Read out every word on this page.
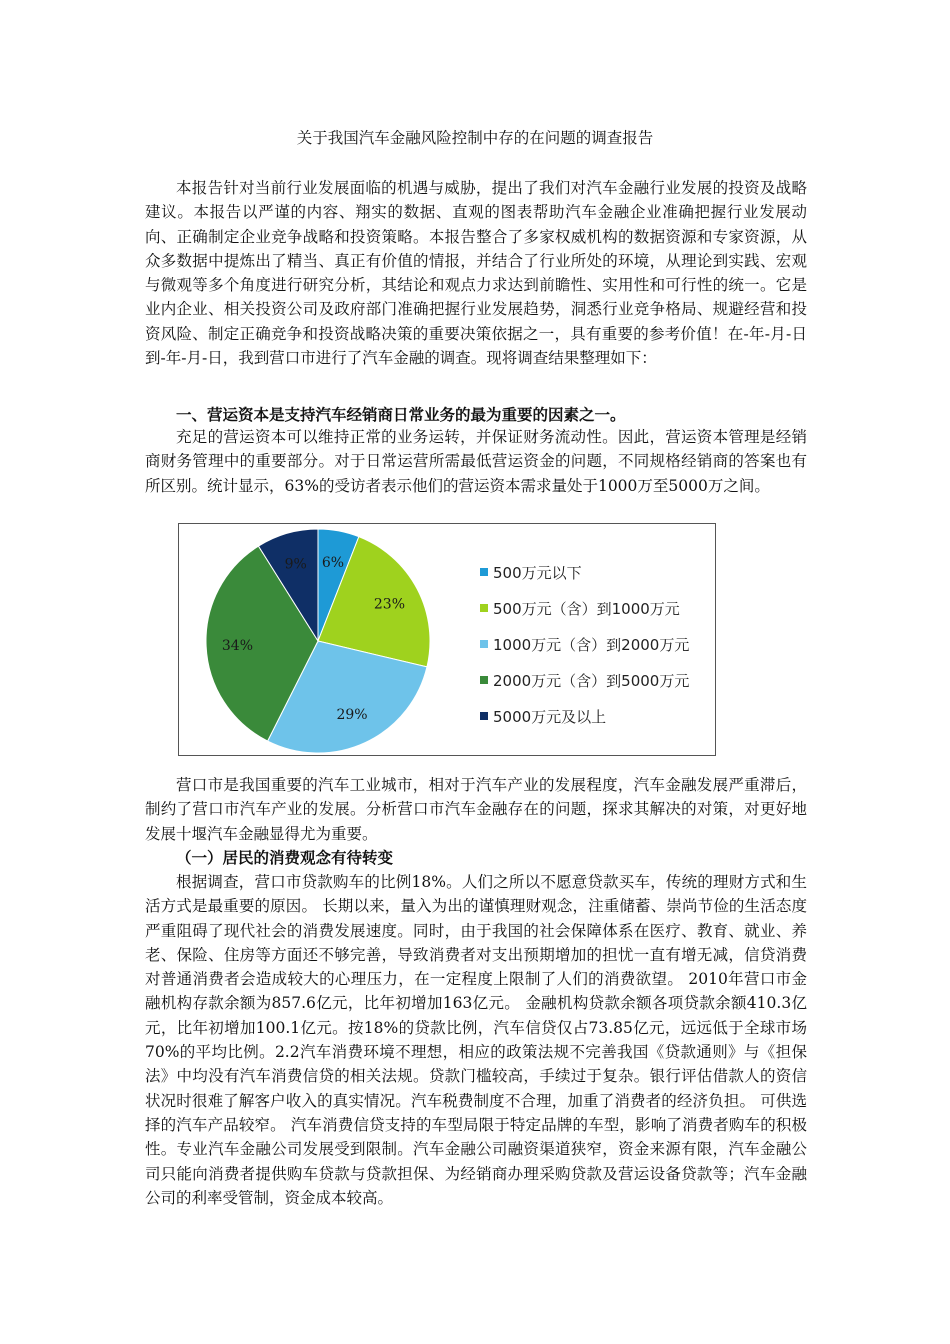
关于我国汽车金融风险控制中存的在问题的调查报告

本报告针对当前行业发展面临的机遇与威胁，提出了我们对汽车金融行业发展的投资及战略建议。本报告以严谨的内容、翔实的数据、直观的图表帮助汽车金融企业准确把握行业发展动向、正确制定企业竞争战略和投资策略。本报告整合了多家权威机构的数据资源和专家资源，从众多数据中提炼出了精当、真正有价值的情报，并结合了行业所处的环境，从理论到实践、宏观与微观等多个角度进行研究分析，其结论和观点力求达到前瞻性、实用性和可行性的统一。它是业内企业、相关投资公司及政府部门准确把握行业发展趋势，洞悉行业竞争格局、规避经营和投资风险、制定正确竞争和投资战略决策的重要决策依据之一，具有重要的参考价值！在-年-月-日到-年-月-日，我到营口市进行了汽车金融的调查。现将调查结果整理如下：

一、营运资本是支持汽车经销商日常业务的最为重要的因素之一。

充足的营运资本可以维持正常的业务运转，并保证财务流动性。因此，营运资本管理是经销商财务管理中的重要部分。对于日常运营所需最低营运资金的问题，不同规格经销商的答案也有所区别。统计显示，63%的受访者表示他们的营运资本需求量处于1000万至5000万之间。

6%
23%
29%
34%
9%	500万元以下
500万元（含）到1000万元
1000万元（含）到2000万元
2000万元（含）到5000万元
5000万元及以上

营口市是我国重要的汽车工业城市，相对于汽车产业的发展程度，汽车金融发展严重滞后，制约了营口市汽车产业的发展。分析营口市汽车金融存在的问题，探求其解决的对策，对更好地发展十堰汽车金融显得尤为重要。

（一）居民的消费观念有待转变

根据调查，营口市贷款购车的比例18%。人们之所以不愿意贷款买车，传统的理财方式和生活方式是最重要的原因。 长期以来，量入为出的谨慎理财观念，注重储蓄、崇尚节俭的生活态度严重阻碍了现代社会的消费发展速度。同时，由于我国的社会保障体系在医疗、教育、就业、养老、保险、住房等方面还不够完善，导致消费者对支出预期增加的担忧一直有增无减，信贷消费对普通消费者会造成较大的心理压力，在一定程度上限制了人们的消费欲望。 2010年营口市金融机构存款余额为857.6亿元，比年初增加163亿元。 金融机构贷款余额各项贷款余额410.3亿元，比年初增加100.1亿元。按18%的贷款比例，汽车信贷仅占73.85亿元，远远低于全球市场70%的平均比例。2.2汽车消费环境不理想，相应的政策法规不完善我国《贷款通则》与《担保法》中均没有汽车消费信贷的相关法规。贷款门槛较高，手续过于复杂。银行评估借款人的资信状况时很难了解客户收入的真实情况。汽车税费制度不合理，加重了消费者的经济负担。 可供选择的汽车产品较窄。 汽车消费信贷支持的车型局限于特定品牌的车型，影响了消费者购车的积极性。专业汽车金融公司发展受到限制。汽车金融公司融资渠道狭窄，资金来源有限，汽车金融公司只能向消费者提供购车贷款与贷款担保、为经销商办理采购贷款及营运设备贷款等；汽车金融公司的利率受管制，资金成本较高。
